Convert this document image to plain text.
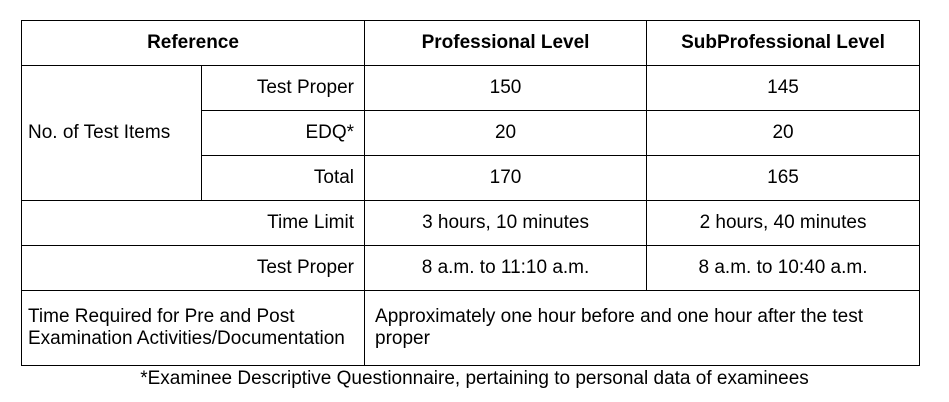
Reference		Professional Level	SubProfessional Level
No. of Test Items	Test Proper	150	145
	EDQ*	20	20
	Total	170	165
Time Limit		3 hours, 10 minutes	2 hours, 40 minutes
Test Proper		8 a.m. to 11:10 a.m.	8 a.m. to 10:40 a.m.
Time Required for Pre and Post Examination Activities/Documentation		Approximately one hour before and one hour after the test proper	
*Examinee Descriptive Questionnaire, pertaining to personal data of examinees
